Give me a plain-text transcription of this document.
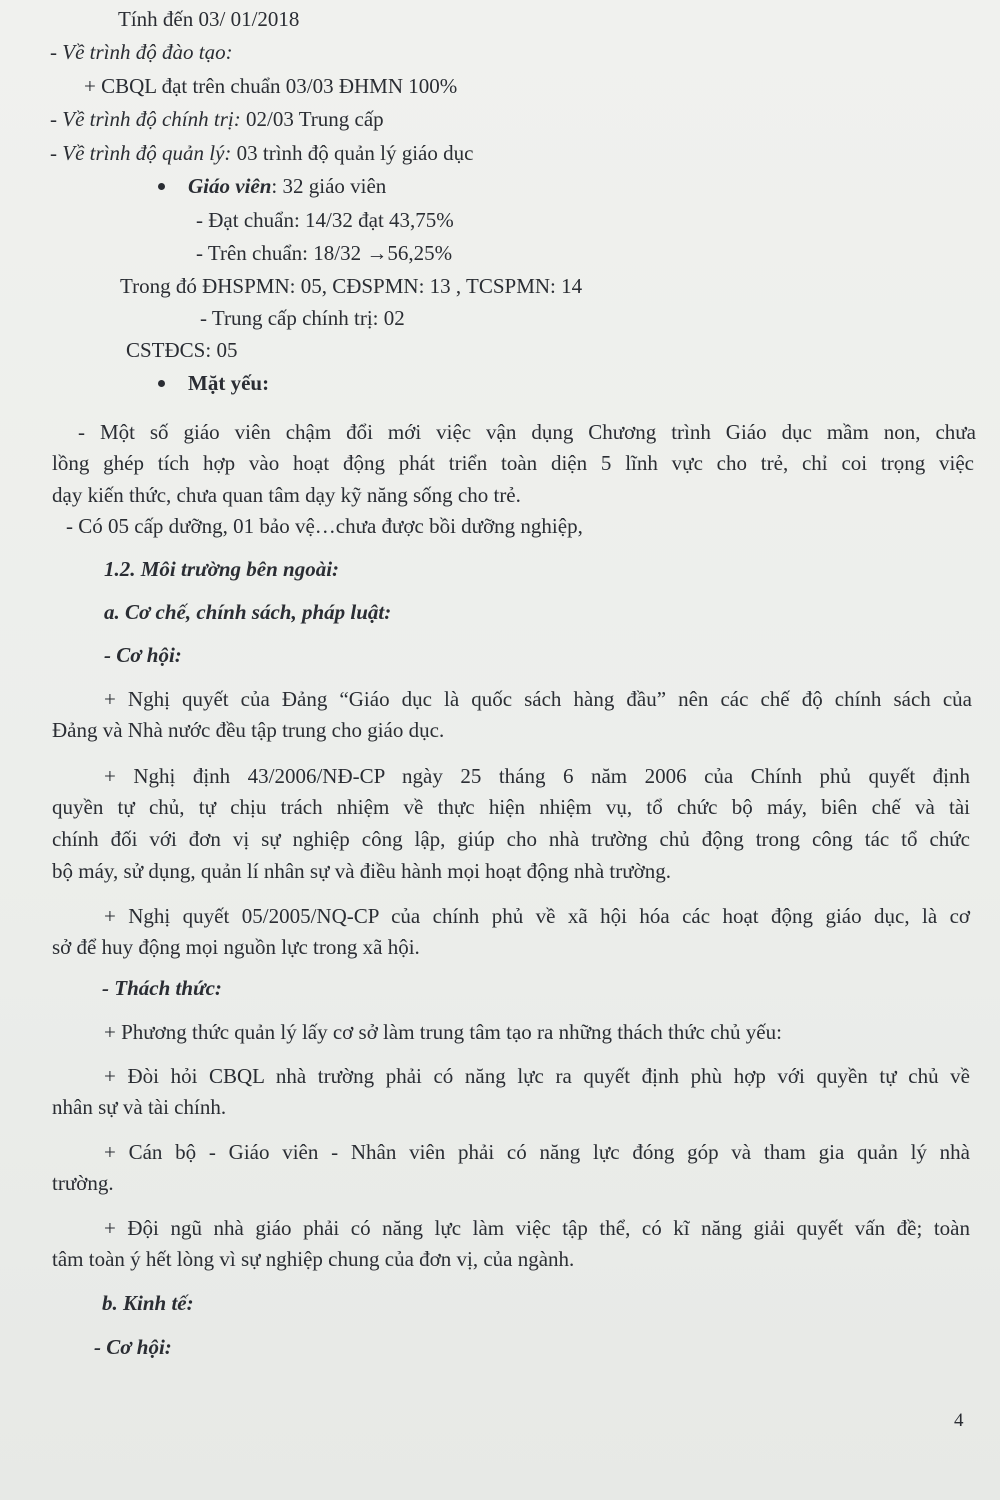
Tính đến 03/ 01/2018

- Về trình độ đào tạo:

+ CBQL đạt trên chuẩn 03/03 ĐHMN 100%

- Về trình độ chính trị: 02/03 Trung cấp

- Về trình độ quản lý: 03 trình độ quản lý giáo dục

Giáo viên: 32 giáo viên

- Đạt chuẩn: 14/32 đạt 43,75%

- Trên chuẩn: 18/32 →56,25%

Trong đó ĐHSPMN: 05, CĐSPMN: 13 , TCSPMN: 14

- Trung cấp chính trị: 02

CSTĐCS: 05

Mặt yếu:

- Một số giáo viên chậm đổi mới việc vận dụng Chương trình Giáo dục mầm non, chưa

lồng ghép tích hợp vào hoạt động phát triển toàn diện 5 lĩnh vực cho trẻ, chỉ coi trọng việc

dạy kiến thức, chưa quan tâm dạy kỹ năng sống cho trẻ.

- Có 05 cấp dưỡng, 01 bảo vệ…chưa được bồi dưỡng nghiệp,

1.2. Môi trường bên ngoài:

a. Cơ chế, chính sách, pháp luật:

- Cơ hội:

+ Nghị quyết của Đảng “Giáo dục là quốc sách hàng đầu” nên các chế độ chính sách của

Đảng và Nhà nước đều tập trung cho giáo dục.

+ Nghị định 43/2006/NĐ-CP ngày 25 tháng 6 năm 2006 của Chính phủ quyết định

quyền tự chủ, tự chịu trách nhiệm về thực hiện nhiệm vụ, tổ chức bộ máy, biên chế và tài

chính đối với đơn vị sự nghiệp công lập, giúp cho nhà trường chủ động trong công tác tổ chức

bộ máy, sử dụng, quản lí nhân sự và điều hành mọi hoạt động nhà trường.

+ Nghị quyết 05/2005/NQ-CP của chính phủ về xã hội hóa các hoạt động giáo dục, là cơ

sở để huy động mọi nguồn lực trong xã hội.

- Thách thức:

+ Phương thức quản lý lấy cơ sở làm trung tâm tạo ra những thách thức chủ yếu:

+ Đòi hỏi CBQL nhà trường phải có năng lực ra quyết định phù hợp với quyền tự chủ về

nhân sự và tài chính.

+ Cán bộ - Giáo viên - Nhân viên phải có năng lực đóng góp và tham gia quản lý nhà

trường.

+ Đội ngũ nhà giáo phải có năng lực làm việc tập thể, có kĩ năng giải quyết vấn đề; toàn

tâm toàn ý hết lòng vì sự nghiệp chung của đơn vị, của ngành.

b. Kinh tế:

- Cơ hội:

4
